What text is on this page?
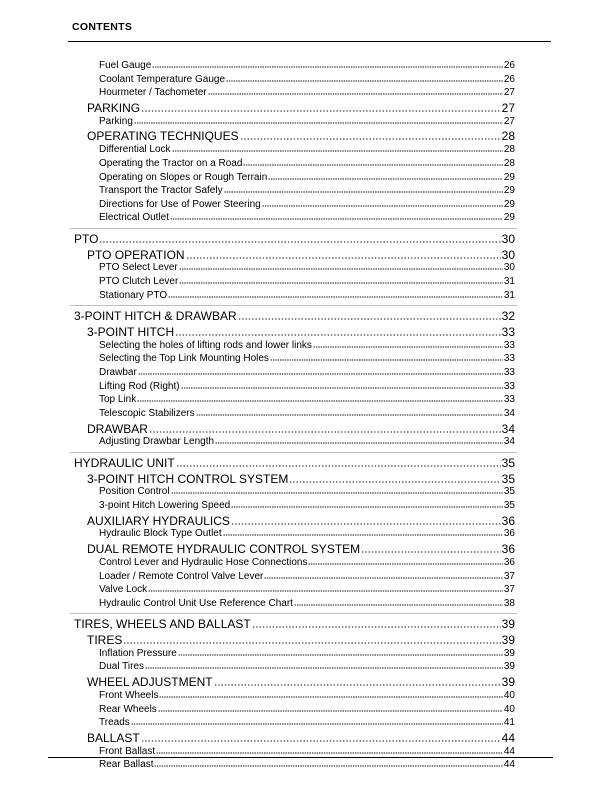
CONTENTS
Fuel Gauge	26
Coolant Temperature Gauge	26
Hourmeter / Tachometer	27
PARKING	27
Parking	27
OPERATING TECHNIQUES	28
Differential Lock	28
Operating the Tractor on a Road	28
Operating on Slopes or Rough Terrain	29
Transport the Tractor Safely	29
Directions for Use of Power Steering	29
Electrical Outlet	29
PTO	30
PTO OPERATION	30
PTO Select Lever	30
PTO Clutch Lever	31
Stationary PTO	31
3-POINT HITCH & DRAWBAR	32
3-POINT HITCH	33
Selecting the holes of lifting rods and lower links	33
Selecting the Top Link Mounting Holes	33
Drawbar	33
Lifting Rod (Right)	33
Top Link	33
Telescopic Stabilizers	34
DRAWBAR	34
Adjusting Drawbar Length	34
HYDRAULIC UNIT	35
3-POINT HITCH CONTROL SYSTEM	35
Position Control	35
3-point Hitch Lowering Speed	35
AUXILIARY HYDRAULICS	36
Hydraulic Block Type Outlet	36
DUAL REMOTE HYDRAULIC CONTROL SYSTEM	36
Control Lever and Hydraulic Hose Connections	36
Loader / Remote Control Valve Lever	37
Valve Lock	37
Hydraulic Control Unit Use Reference Chart	38
TIRES, WHEELS AND BALLAST	39
TIRES	39
Inflation Pressure	39
Dual Tires	39
WHEEL ADJUSTMENT	39
Front Wheels	40
Rear Wheels	40
Treads	41
BALLAST	44
Front Ballast	44
Rear Ballast	44
